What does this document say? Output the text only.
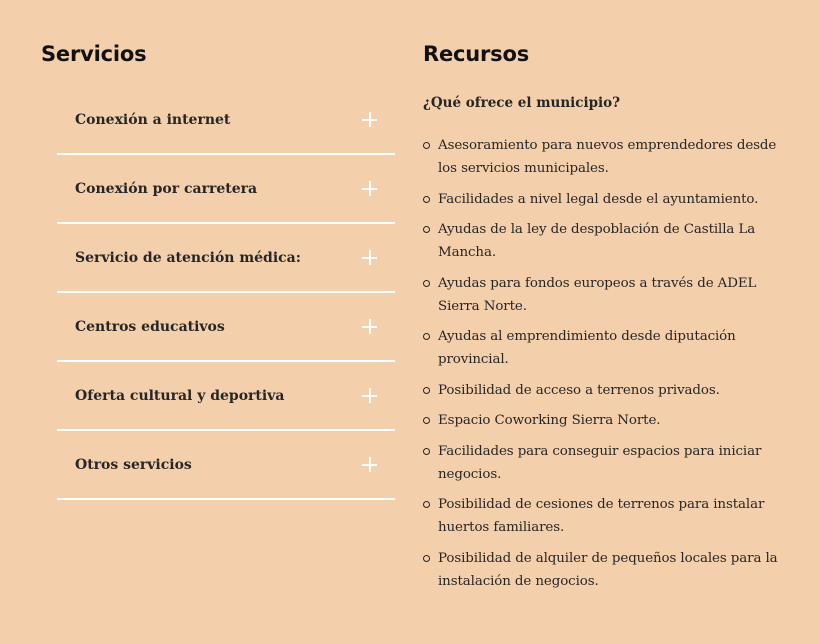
Servicios
Conexión a internet
Conexión por carretera
Servicio de atención médica:
Centros educativos
Oferta cultural y deportiva
Otros servicios
Recursos

¿Qué ofrece el municipio?

Asesoramiento para nuevos emprendedores desde los servicios municipales.
Facilidades a nivel legal desde el ayuntamiento.
Ayudas de la ley de despoblación de Castilla La Mancha.
Ayudas para fondos europeos a través de ADEL Sierra Norte.
Ayudas al emprendimiento desde diputación provincial.
Posibilidad de acceso a terrenos privados.
Espacio Coworking Sierra Norte.
Facilidades para conseguir espacios para iniciar negocios.
Posibilidad de cesiones de terrenos para instalar huertos familiares.
Posibilidad de alquiler de pequeños locales para la instalación de negocios.
